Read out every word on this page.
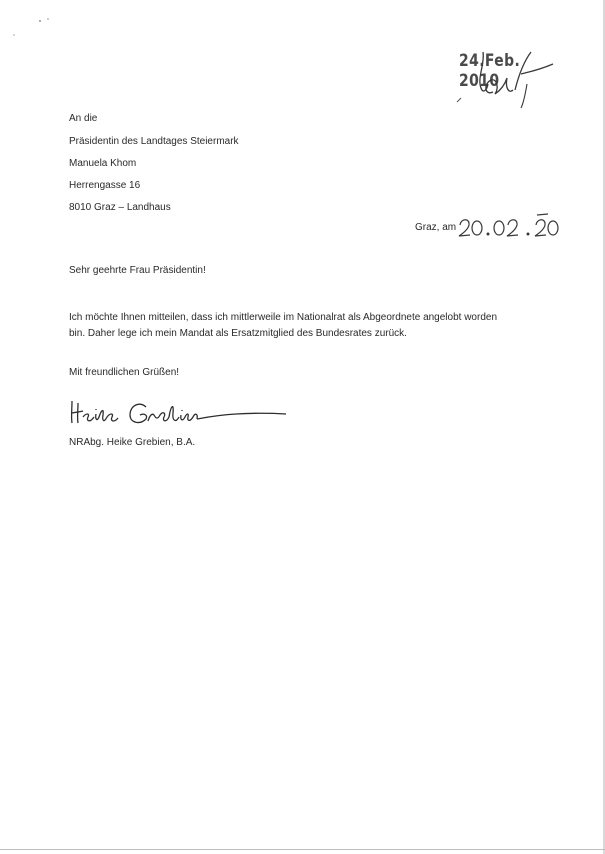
24.Feb. 2010
An die
Präsidentin des Landtages Steiermark
Manuela Khom
Herrengasse 16
8010 Graz – Landhaus
Graz, am
Sehr geehrte Frau Präsidentin!
Ich möchte Ihnen mitteilen, dass ich mittlerweile im Nationalrat als Abgeordnete angelobt worden
bin. Daher lege ich mein Mandat als Ersatzmitglied des Bundesrates zurück.
Mit freundlichen Grüßen!
NRAbg. Heike Grebien, B.A.
